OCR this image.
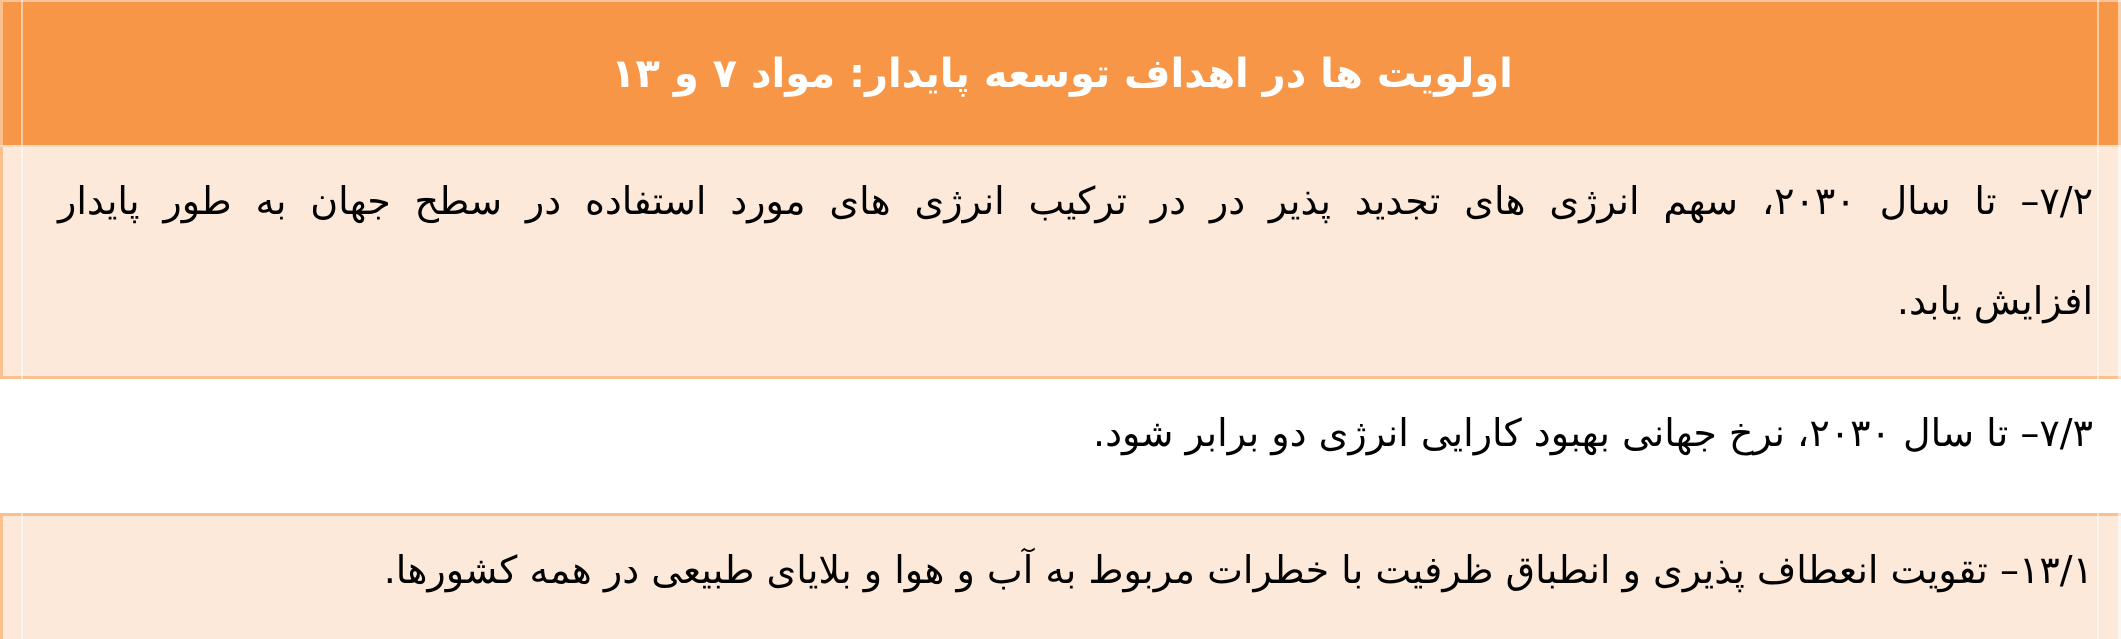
اولویت ها در اهداف توسعه پایدار: مواد ۷ و ۱۳
۷/۲– تا سال ۲۰۳۰، سهم انرژی های تجدید پذیر در در ترکیب انرژی های مورد استفاده در سطح جهان به طور پایدار
افزایش یابد.
۷/۳– تا سال ۲۰۳۰، نرخ جهانی بهبود کارایی انرژی دو برابر شود.
۱۳/۱– تقویت انعطاف پذیری و انطباق ظرفیت با خطرات مربوط به آب و هوا و بلایای طبیعی در همه کشورها.
